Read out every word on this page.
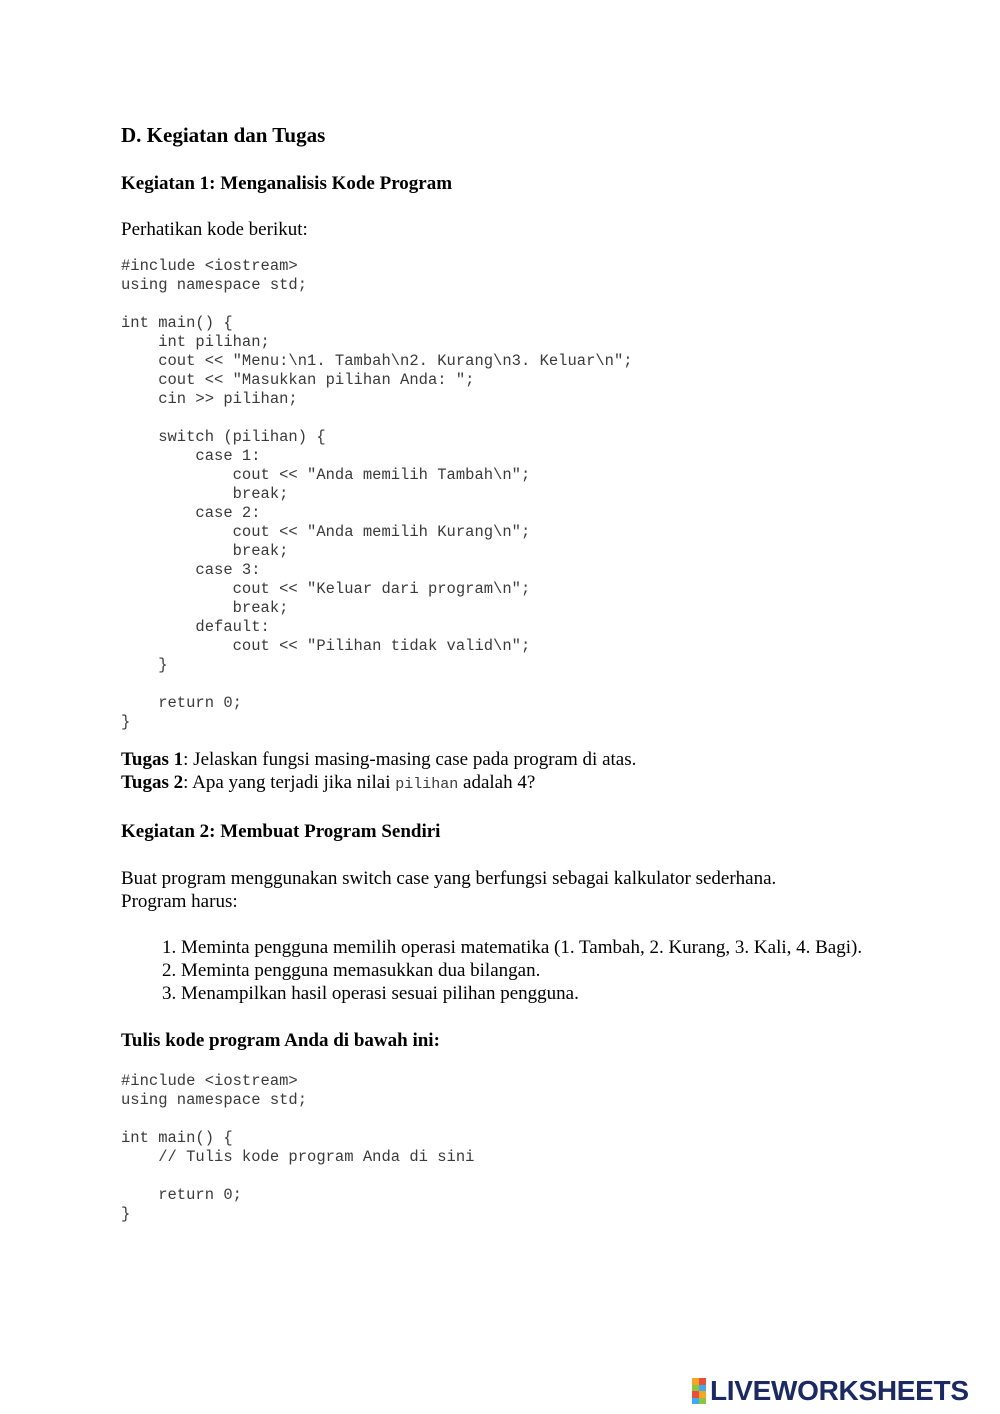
D. Kegiatan dan Tugas
Kegiatan 1: Menganalisis Kode Program

Perhatikan kode berikut:

#include <iostream>
using namespace std;

int main() {
int pilihan;
cout << "Menu:\n1. Tambah\n2. Kurang\n3. Keluar\n";
cout << "Masukkan pilihan Anda: ";
cin >> pilihan;

switch (pilihan) {
case 1:
cout << "Anda memilih Tambah\n";
break;
case 2:
cout << "Anda memilih Kurang\n";
break;
case 3:
cout << "Keluar dari program\n";
break;
default:
cout << "Pilihan tidak valid\n";
}

return 0;
}

Tugas 1: Jelaskan fungsi masing-masing case pada program di atas.

Tugas 2: Apa yang terjadi jika nilai pilihan adalah 4?

Kegiatan 2: Membuat Program Sendiri

Buat program menggunakan switch case yang berfungsi sebagai kalkulator sederhana. Program harus:

1. Meminta pengguna memilih operasi matematika (1. Tambah, 2. Kurang, 3. Kali, 4. Bagi).
2. Meminta pengguna memasukkan dua bilangan.
3. Menampilkan hasil operasi sesuai pilihan pengguna.
Tulis kode program Anda di bawah ini:
#include <iostream>
using namespace std;

int main() {
// Tulis kode program Anda di sini

return 0;
}
LIVEWORKSHEETS
